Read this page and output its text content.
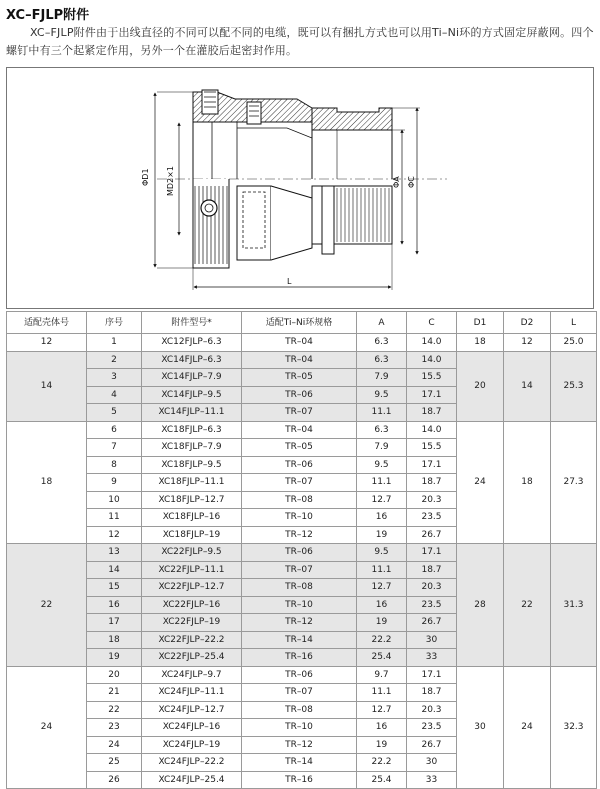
XC–FJLP附件
XC–FJLP附件由于出线直径的不同可以配不同的电缆，既可以有捆扎方式也可以用Ti–Ni环的方式固定屏蔽网。四个螺钉中有三个起紧定作用，另外一个在灌胶后起密封作用。
ΦD1 MD2×1	ΦA ΦC
L
适配壳体号	序号	附件型号*	适配Ti–Ni环规格	A	C	D1	D2	L
12	1	XC12FJLP–6.3	TR–04	6.3	14.0	18	12	25.0
14	2	XC14FJLP–6.3	TR–04	6.3	14.0	20	14	25.3
	3	XC14FJLP–7.9	TR–05	7.9	15.5			
	4	XC14FJLP–9.5	TR–06	9.5	17.1			
	5	XC14FJLP–11.1	TR–07	11.1	18.7			
18	6	XC18FJLP–6.3	TR–04	6.3	14.0	24	18	27.3
	7	XC18FJLP–7.9	TR–05	7.9	15.5			
	8	XC18FJLP–9.5	TR–06	9.5	17.1			
	9	XC18FJLP–11.1	TR–07	11.1	18.7			
	10	XC18FJLP–12.7	TR–08	12.7	20.3			
	11	XC18FJLP–16	TR–10	16	23.5			
	12	XC18FJLP–19	TR–12	19	26.7			
22	13	XC22FJLP–9.5	TR–06	9.5	17.1	28	22	31.3
	14	XC22FJLP–11.1	TR–07	11.1	18.7			
	15	XC22FJLP–12.7	TR–08	12.7	20.3			
	16	XC22FJLP–16	TR–10	16	23.5			
	17	XC22FJLP–19	TR–12	19	26.7			
	18	XC22FJLP–22.2	TR–14	22.2	30			
	19	XC22FJLP–25.4	TR–16	25.4	33			
24	20	XC24FJLP–9.7	TR–06	9.7	17.1	30	24	32.3
	21	XC24FJLP–11.1	TR–07	11.1	18.7			
	22	XC24FJLP–12.7	TR–08	12.7	20.3			
	23	XC24FJLP–16	TR–10	16	23.5			
	24	XC24FJLP–19	TR–12	19	26.7			
	25	XC24FJLP–22.2	TR–14	22.2	30			
	26	XC24FJLP–25.4	TR–16	25.4	33			
